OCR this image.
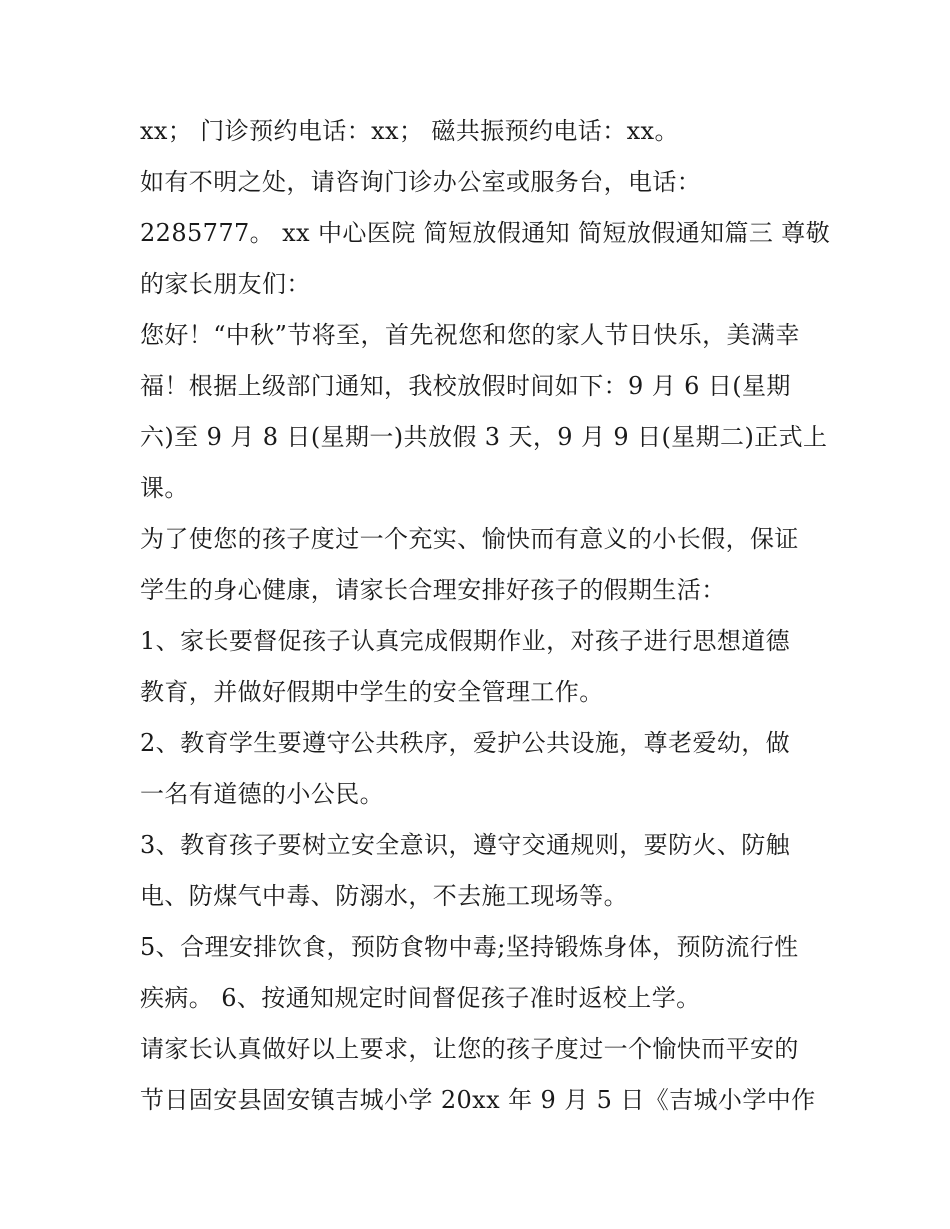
xx； 门诊预约电话：xx； 磁共振预约电话：xx。
如有不明之处，请咨询门诊办公室或服务台，电话：
2285777。 xx 中心医院 简短放假通知 简短放假通知篇三 尊敬
的家长朋友们：
您好！“中秋”节将至，首先祝您和您的家人节日快乐，美满幸
福！根据上级部门通知，我校放假时间如下：9 月 6 日(星期
六)至 9 月 8 日(星期一)共放假 3 天，9 月 9 日(星期二)正式上
课。
为了使您的孩子度过一个充实、愉快而有意义的小长假，保证
学生的身心健康，请家长合理安排好孩子的假期生活：
1、家长要督促孩子认真完成假期作业，对孩子进行思想道德
教育，并做好假期中学生的安全管理工作。
2、教育学生要遵守公共秩序，爱护公共设施，尊老爱幼，做
一名有道德的小公民。
3、教育孩子要树立安全意识，遵守交通规则，要防火、防触
电、防煤气中毒、防溺水，不去施工现场等。
5、合理安排饮食，预防食物中毒;坚持锻炼身体，预防流行性
疾病。 6、按通知规定时间督促孩子准时返校上学。
请家长认真做好以上要求，让您的孩子度过一个愉快而平安的
节日固安县固安镇吉城小学 20xx 年 9 月 5 日《吉城小学中作
